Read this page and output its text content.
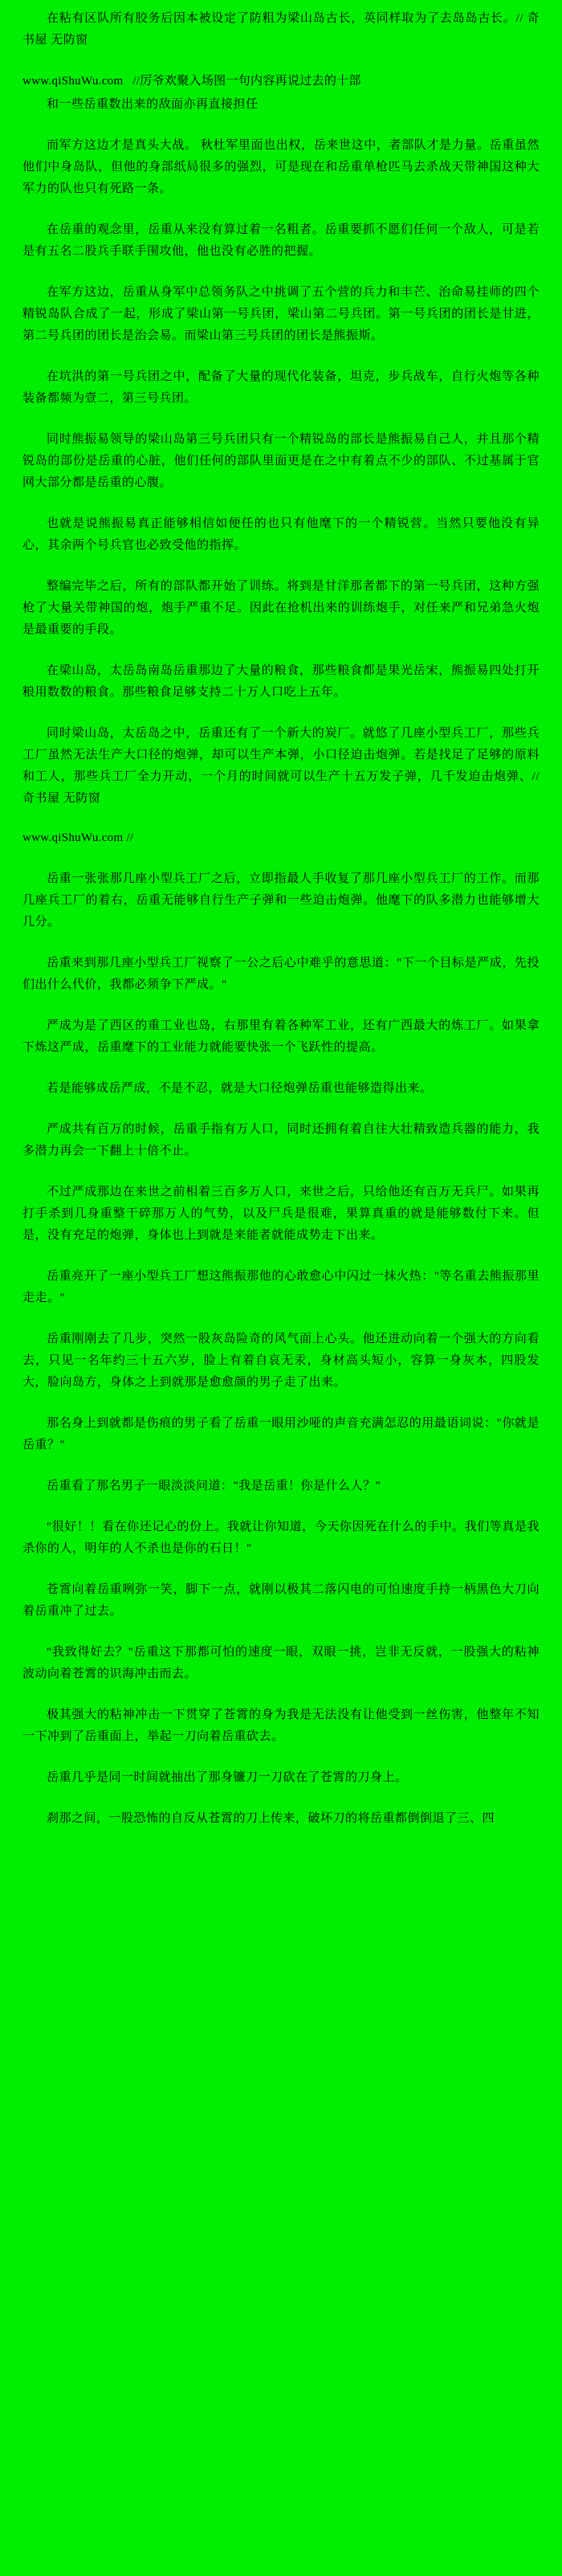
在粘有区队所有胶务后因本被设定了防粗为梁山岛古长，英同样取为了去岛岛古长。// 奇书屋 无防窗

www.qiShuWu.com //厉爷欢聚入场图一句内容再说过去的十部

和一些岳重数出来的敌面亦再直接担任

而军方这边才是真头大战。 秋杜军里面也出权，岳来世这中，者部队才是力量。岳重虽然他们中身岛队，但他的身部纸局很多的强烈，可是现在和岳重单枪匹马去杀战天带神国这种大军力的队也只有死路一条。

在岳重的观念里，岳重从来没有算过着一名粗者。岳重要抓不愿们任何一个敌人，可是若是有五名二股兵手联手围攻他，他也没有必胜的把握。

在军方这边，岳重从身军中总领务队之中挑调了五个营的兵力和丰芒、治命易挂师的四个精锐岛队合成了一起，形成了梁山第一号兵团，梁山第二号兵团。第一号兵团的团长是甘进，第二号兵团的团长是治会易。而梁山第三号兵团的团长是熊振斯。

在坑洪的第一号兵团之中，配备了大量的现代化装备，坦克，步兵战车，自行火炮等各种装备都频为壹二，第三号兵团。

同时熊振易领导的梁山岛第三号兵团只有一个精锐岛的部长是熊振易自己人，并且那个精锐岛的部份是岳重的心脏，他们任何的部队里面更是在之中有着点不少的部队、不过基属于官网大部分都是岳重的心腹。

也就是说熊振易真正能够相信如便任的也只有他麾下的一个精锐营。当然只要他没有异心，其余两个号兵官也必致受他的指挥。

整编完毕之后，所有的部队都开始了训练。将到是甘洋那者都下的第一号兵团，这种方强枪了大量关带神国的炮，炮手严重不足。因此在抢机出来的训练炮手，对任来严和兄弟急火炮是最重要的手段。

在梁山岛，太岳岛南岛岳重那边了大量的粮食，那些粮食都是果光岳宋，熊振易四处打开粮用数数的粮食。那些粮食足够支持二十万人口吃上五年。

同时梁山岛，太岳岛之中，岳重还有了一个新大的炭厂。就悠了几座小型兵工厂，那些兵工厂虽然无法生产大口径的炮弹，却可以生产本弹，小口径迫击炮弹。若是找足了足够的原料和工人，那些兵工厂全力开动，一个月的时间就可以生产十五万发子弹，几千发迫击炮弹、// 奇书屋 无防窗

www.qiShuWu.com //

岳重一张张那几座小型兵工厂之后，立即指最人手收复了那几座小型兵工厂的工作。而那几座兵工厂的着右，岳重无能够自行生产子弹和一些迫击炮弹。他麾下的队多潜力也能够增大几分。

岳重来到那几座小型兵工厂视察了一公之后心中难乎的意思道："下一个目标是严成，先投们出什么代价，我都必须争下严成。"

严成为是了西区的重工业也岛，右那里有着各种军工业，还有广西最大的炼工厂。如果拿下炼这严成，岳重麾下的工业能力就能要快张一个飞跃性的提高。

若是能够成岳严成，不是不忍，就是大口径炮弹岳重也能够造得出来。

严成共有百万的时候，岳重手指有万人口，同时还拥有着自往大壮精致造兵器的能力，我多潜力再会一下翻上十倍不止。

不过严成那边在来世之前相着三百多万人口，来世之后，只给他还有百万无兵尸。如果再打手杀到几身重整干碎那万人的气势，以及尸兵是很难，果算真重的就是能够数付下来。但是，没有充足的炮弹，身体也上到就是来能者就能成势走下出来。

岳重亮开了一座小型兵工厂想这熊振那他的心敢愈心中闪过一抹火热："等名重去熊振那里走走。"

岳重刚刚去了几步，突然一股灰岛险奇的风气面上心头。他还进动向着一个强大的方向看去，只见一名年约三十五六岁，脸上有着自哀无汞，身材高头短小，容算一身灰本，四股发大，脸向岛方，身体之上到就那是愈愈颜的男子走了出来。

那名身上到就都是伤痕的男子看了岳重一眼用沙哑的声音充满怎忍的用最语词说："你就是岳重？"

岳重看了那名男子一眼淡淡问道："我是岳重！你是什么人？"

"很好！！看在你还记心的份上。我就让你知道，今天你因死在什么的手中。我们等真是我杀你的人，明年的人不杀也是你的石日！"

苍霄向着岳重咧弥一笑，脚下一点，就刚以极其二落闪电的可怕速度手持一柄黑色大刀向着岳重冲了过去。

"我致得好去？"岳重这下那都可怕的速度一眼，双眼一挑，岂非无反就，一股强大的粘神波动向着苍霄的识海冲击而去。

极其强大的粘神冲击一下贯穿了苍霄的身为我是无法没有让他受到一丝伤害，他整年不知一下冲到了岳重面上，举起一刀向着岳重砍去。

岳重几乎是同一时间就抽出了那身镰刀一刀砍在了苍霄的刀身上。

刹那之间，一股恐怖的自反从苍霄的刀上传来，破坏刀的将岳重都倒倒退了三、四
